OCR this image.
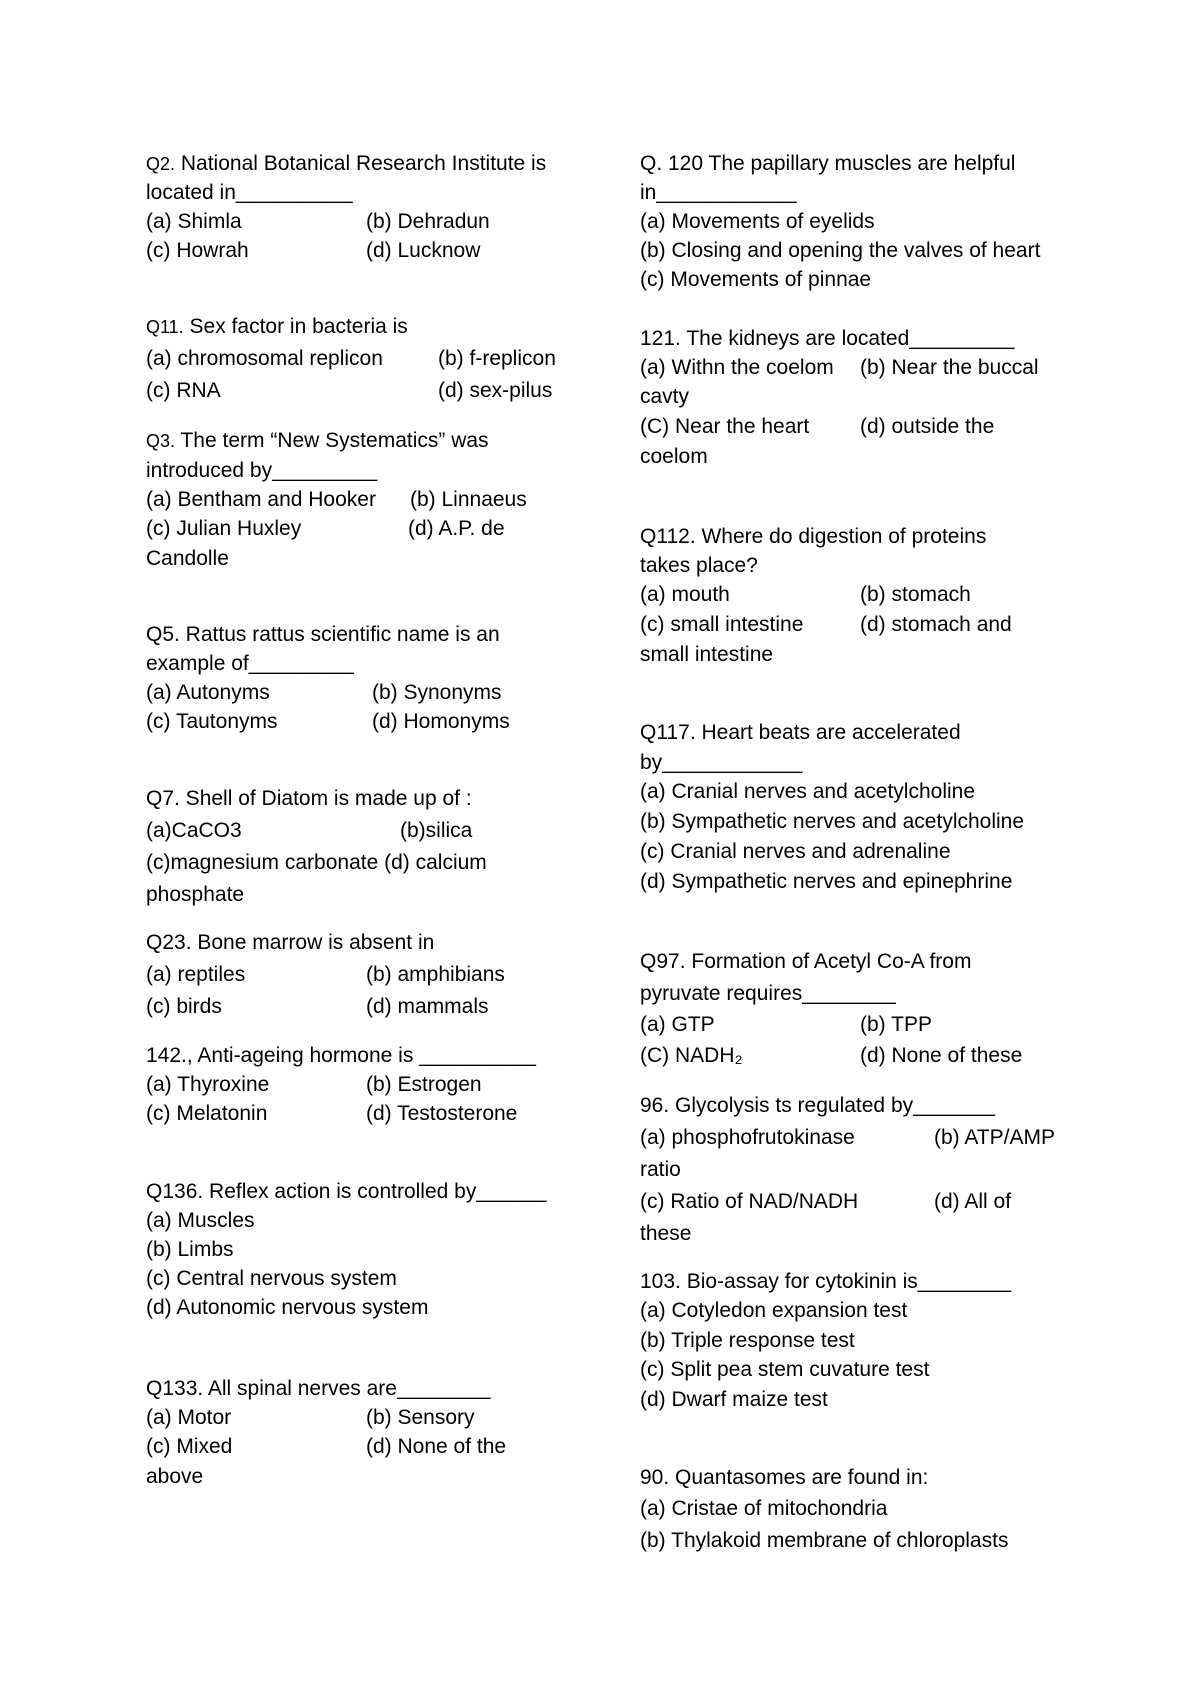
Q2. National Botanical Research Institute is
located in__________
(a) Shimla	(b) Dehradun
(c) Howrah	(d) Lucknow
Q11. Sex factor in bacteria is
(a) chromosomal replicon	(b) f-replicon
(c) RNA	(d) sex-pilus
Q3. The term “New Systematics” was
introduced by_________
(a) Bentham and Hooker (b) Linnaeus
(c) Julian Huxley	(d) A.P. de
Candolle
Q5. Rattus rattus scientific name is an
example of_________
(a) Autonyms	(b) Synonyms
(c) Tautonyms	(d) Homonyms
Q7. Shell of Diatom is made up of :
(a)CaCO3	(b)silica
(c)magnesium carbonate (d) calcium
phosphate
Q23. Bone marrow is absent in
(a) reptiles	(b) amphibians
(c) birds	(d) mammals
142., Anti-ageing hormone is __________
(a) Thyroxine	(b) Estrogen
(c) Melatonin	(d) Testosterone
Q136. Reflex action is controlled by______
(a) Muscles
(b) Limbs
(c) Central nervous system
(d) Autonomic nervous system
Q133. All spinal nerves are________
(a) Motor	(b) Sensory
(c) Mixed	(d) None of the
above
Q. 120 The papillary muscles are helpful
in____________
(a) Movements of eyelids
(b) Closing and opening the valves of heart
(c) Movements of pinnae
121. The kidneys are located_________
(a) Withn the coelom (b) Near the buccal
cavty
(C) Near the heart (d) outside the
coelom
Q112. Where do digestion of proteins
takes place?
(a) mouth	(b) stomach
(c) small intestine	(d) stomach and
small intestine
Q117. Heart beats are accelerated
by____________
(a) Cranial nerves and acetylcholine
(b) Sympathetic nerves and acetylcholine
(c) Cranial nerves and adrenaline
(d) Sympathetic nerves and epinephrine
Q97. Formation of Acetyl Co-A from
pyruvate requires________
(a) GTP	(b) TPP
(C) NADH₂	(d) None of these
96. Glycolysis ts regulated by_______
(a) phosphofrutokinase	(b) ATP/AMP
ratio
(c) Ratio of NAD/NADH	(d) All of
these
103. Bio-assay for cytokinin is________
(a) Cotyledon expansion test
(b) Triple response test
(c) Split pea stem cuvature test
(d) Dwarf maize test
90. Quantasomes are found in:
(a) Cristae of mitochondria
(b) Thylakoid membrane of chloroplasts
